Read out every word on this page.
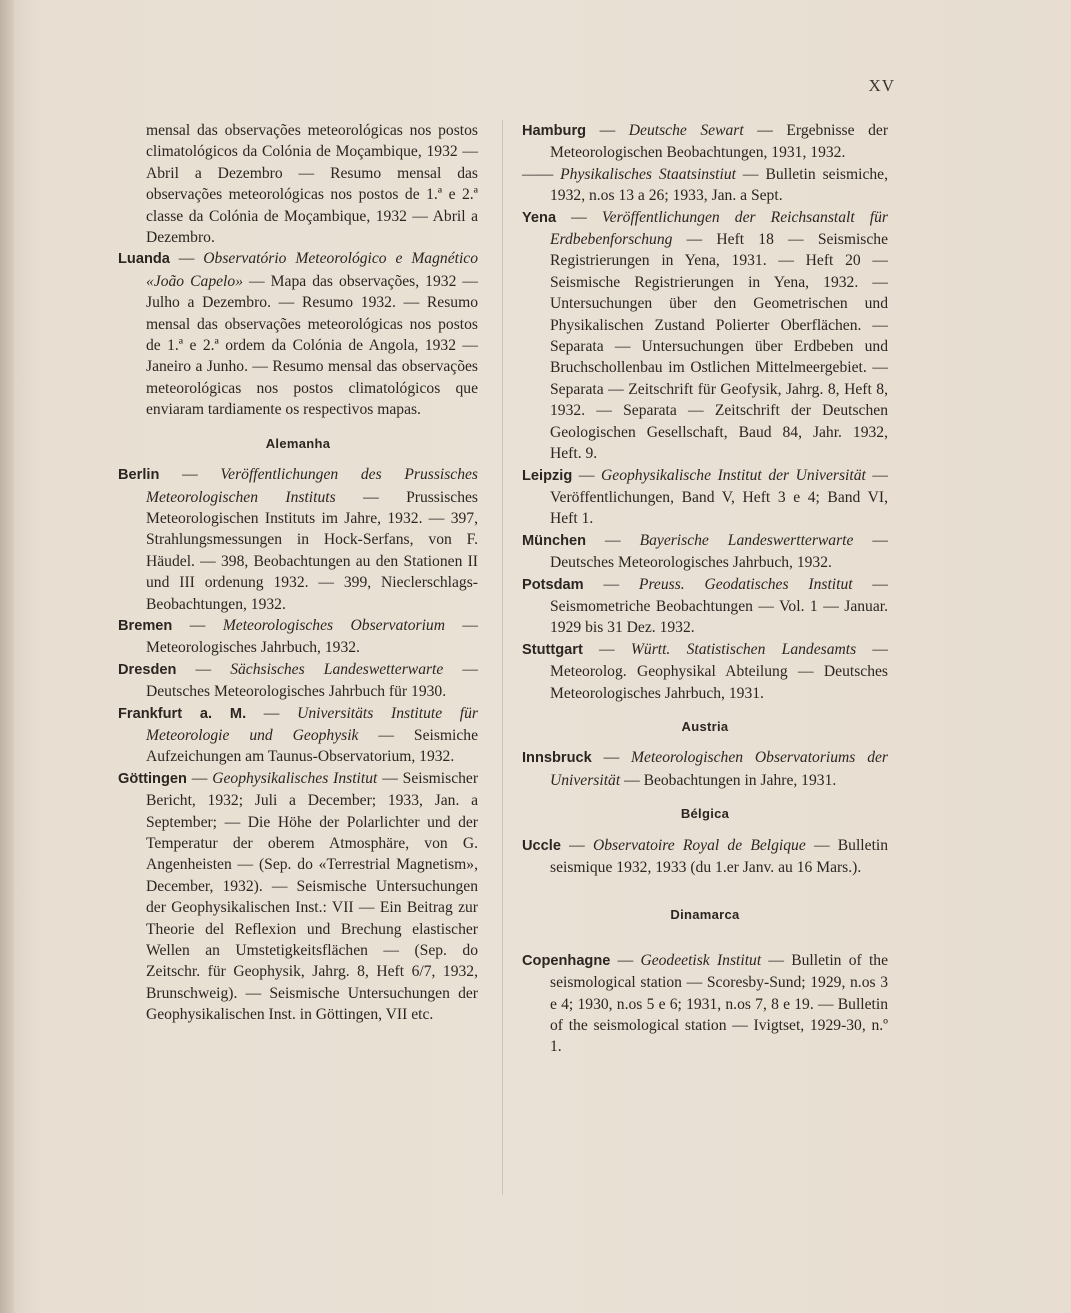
XV

mensal das observações meteorológicas nos postos climatológicos da Colónia de Moçambique, 1932 — Abril a Dezembro — Resumo mensal das observações meteorológicas nos postos de 1.ª e 2.ª classe da Colónia de Moçambique, 1932 — Abril a Dezembro.

Luanda — Observatório Meteorológico e Magnético «João Capelo» — Mapa das observações, 1932 — Julho a Dezembro. — Resumo 1932. — Resumo mensal das observações meteorológicas nos postos de 1.ª e 2.ª ordem da Colónia de Angola, 1932 — Janeiro a Junho. — Resumo mensal das observações meteorológicas nos postos climatológicos que enviaram tardiamente os respectivos mapas.

Alemanha

Berlin — Veröffentlichungen des Prussisches Meteorologischen Instituts — Prussisches Meteorologischen Instituts im Jahre, 1932. — 397, Strahlungsmessungen in Hock-Serfans, von F. Häudel. — 398, Beobachtungen au den Stationen II und III ordenung 1932. — 399, Nieclerschlags-Beobachtungen, 1932.

Bremen — Meteorologisches Observatorium — Meteorologisches Jahrbuch, 1932.

Dresden — Sächsisches Landeswetterwarte — Deutsches Meteorologisches Jahrbuch für 1930.

Frankfurt a. M. — Universitäts Institute für Meteorologie und Geophysik — Seismiche Aufzeichungen am Taunus-Observatorium, 1932.

Göttingen — Geophysikalisches Institut — Seismischer Bericht, 1932; Juli a December; 1933, Jan. a September; — Die Höhe der Polarlichter und der Temperatur der oberem Atmosphäre, von G. Angenheisten — (Sep. do «Terrestrial Magnetism», December, 1932). — Seismische Untersuchungen der Geophysikalischen Inst.: VII — Ein Beitrag zur Theorie del Reflexion und Brechung elastischer Wellen an Umstetigkeitsflächen — (Sep. do Zeitschr. für Geophysik, Jahrg. 8, Heft 6/7, 1932, Brunschweig). — Seismische Untersuchungen der Geophysikalischen Inst. in Göttingen, VII etc.

Hamburg — Deutsche Sewart — Ergebnisse der Meteorologischen Beobachtungen, 1931, 1932.

—— Physikalisches Staatsinstiut — Bulletin seismiche, 1932, n.os 13 a 26; 1933, Jan. a Sept.

Yena — Veröffentlichungen der Reichsanstalt für Erdbebenforschung — Heft 18 — Seismische Registrierungen in Yena, 1931. — Heft 20 — Seismische Registrierungen in Yena, 1932. — Untersuchungen über den Geometrischen und Physikalischen Zustand Polierter Oberflächen. — Separata — Untersuchungen über Erdbeben und Bruchschollenbau im Ostlichen Mittelmeergebiet. — Separata — Zeitschrift für Geofysik, Jahrg. 8, Heft 8, 1932. — Separata — Zeitschrift der Deutschen Geologischen Gesellschaft, Baud 84, Jahr. 1932, Heft. 9.

Leipzig — Geophysikalische Institut der Universität — Veröffentlichungen, Band V, Heft 3 e 4; Band VI, Heft 1.

München — Bayerische Landeswertterwarte — Deutsches Meteorologisches Jahrbuch, 1932.

Potsdam — Preuss. Geodatisches Institut — Seismometriche Beobachtungen — Vol. 1 — Januar. 1929 bis 31 Dez. 1932.

Stuttgart — Württ. Statistischen Landesamts — Meteorolog. Geophysikal Abteilung — Deutsches Meteorologisches Jahrbuch, 1931.

Austria

Innsbruck — Meteorologischen Observatoriums der Universität — Beobachtungen in Jahre, 1931.

Bélgica

Uccle — Observatoire Royal de Belgique — Bulletin seismique 1932, 1933 (du 1.er Janv. au 16 Mars.).

Dinamarca

Copenhagne — Geodeetisk Institut — Bulletin of the seismological station — Scoresby-Sund; 1929, n.os 3 e 4; 1930, n.os 5 e 6; 1931, n.os 7, 8 e 19. — Bulletin of the seismological station — Ivigtset, 1929-30, n.º 1.
